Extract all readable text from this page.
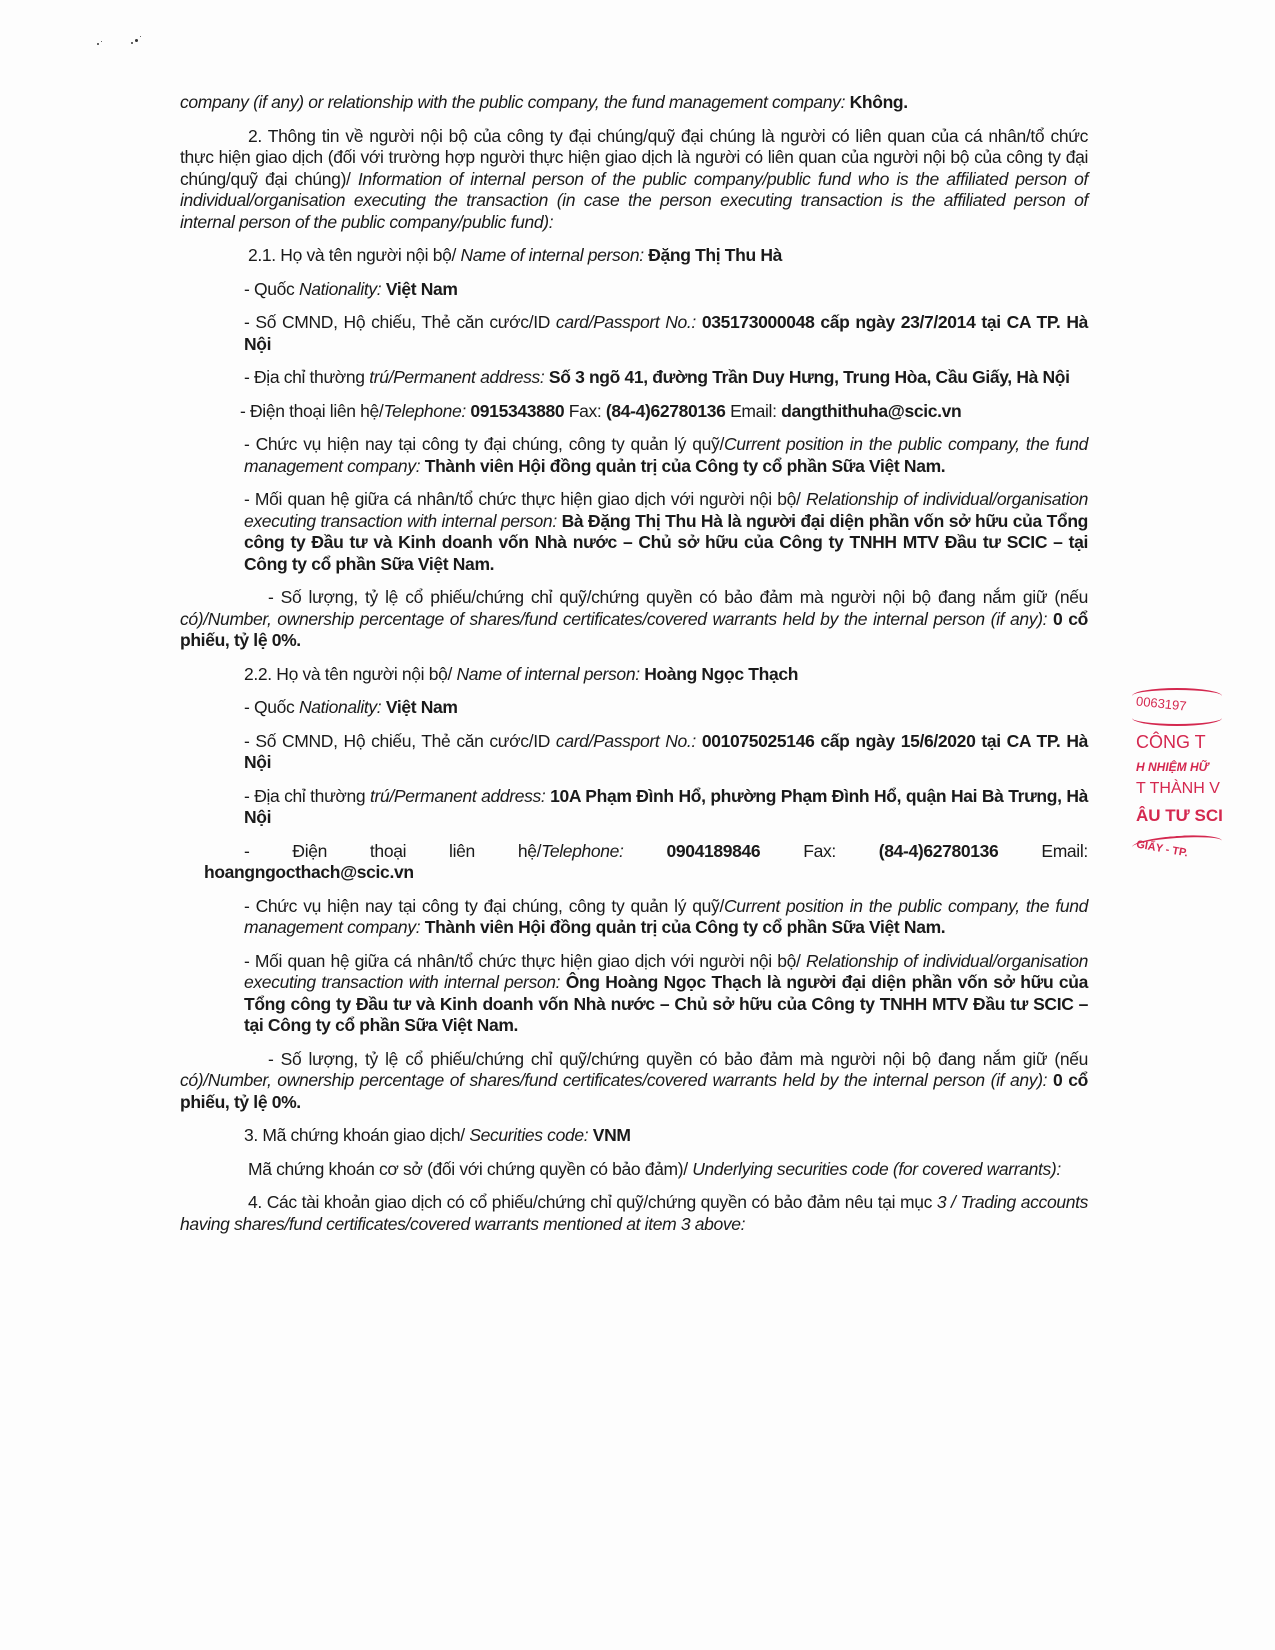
company (if any) or relationship with the public company, the fund management company: Không.

2. Thông tin về người nội bộ của công ty đại chúng/quỹ đại chúng là người có liên quan của cá nhân/tổ chức thực hiện giao dịch (đối với trường hợp người thực hiện giao dịch là người có liên quan của người nội bộ của công ty đại chúng/quỹ đại chúng)/ Information of internal person of the public company/public fund who is the affiliated person of individual/organisation executing the transaction (in case the person executing transaction is the affiliated person of internal person of the public company/public fund):

2.1. Họ và tên người nội bộ/ Name of internal person: Đặng Thị Thu Hà

- Quốc Nationality: Việt Nam

- Số CMND, Hộ chiếu, Thẻ căn cước/ID card/Passport No.: 035173000048 cấp ngày 23/7/2014 tại CA TP. Hà Nội

- Địa chỉ thường trú/Permanent address: Số 3 ngõ 41, đường Trần Duy Hưng, Trung Hòa, Cầu Giấy, Hà Nội

- Điện thoại liên hệ/Telephone: 0915343880 Fax: (84-4)62780136 Email: dangthithuha@scic.vn

- Chức vụ hiện nay tại công ty đại chúng, công ty quản lý quỹ/Current position in the public company, the fund management company: Thành viên Hội đồng quản trị của Công ty cổ phần Sữa Việt Nam.

- Mối quan hệ giữa cá nhân/tổ chức thực hiện giao dịch với người nội bộ/ Relationship of individual/organisation executing transaction with internal person: Bà Đặng Thị Thu Hà là người đại diện phần vốn sở hữu của Tổng công ty Đầu tư và Kinh doanh vốn Nhà nước – Chủ sở hữu của Công ty TNHH MTV Đầu tư SCIC – tại Công ty cổ phần Sữa Việt Nam.

- Số lượng, tỷ lệ cổ phiếu/chứng chỉ quỹ/chứng quyền có bảo đảm mà người nội bộ đang nắm giữ (nếu có)/Number, ownership percentage of shares/fund certificates/covered warrants held by the internal person (if any): 0 cổ phiếu, tỷ lệ 0%.

2.2. Họ và tên người nội bộ/ Name of internal person: Hoàng Ngọc Thạch

- Quốc Nationality: Việt Nam

- Số CMND, Hộ chiếu, Thẻ căn cước/ID card/Passport No.: 001075025146 cấp ngày 15/6/2020 tại CA TP. Hà Nội

- Địa chỉ thường trú/Permanent address: 10A Phạm Đình Hổ, phường Phạm Đình Hổ, quận Hai Bà Trưng, Hà Nội

- Điện thoại liên hệ/Telephone: 0904189846 Fax: (84-4)62780136 Email:
hoangngocthach@scic.vn

- Chức vụ hiện nay tại công ty đại chúng, công ty quản lý quỹ/Current position in the public company, the fund management company: Thành viên Hội đồng quản trị của Công ty cổ phần Sữa Việt Nam.

- Mối quan hệ giữa cá nhân/tổ chức thực hiện giao dịch với người nội bộ/ Relationship of individual/organisation executing transaction with internal person: Ông Hoàng Ngọc Thạch là người đại diện phần vốn sở hữu của Tổng công ty Đầu tư và Kinh doanh vốn Nhà nước – Chủ sở hữu của Công ty TNHH MTV Đầu tư SCIC – tại Công ty cổ phần Sữa Việt Nam.

- Số lượng, tỷ lệ cổ phiếu/chứng chỉ quỹ/chứng quyền có bảo đảm mà người nội bộ đang nắm giữ (nếu có)/Number, ownership percentage of shares/fund certificates/covered warrants held by the internal person (if any): 0 cổ phiếu, tỷ lệ 0%.

3. Mã chứng khoán giao dịch/ Securities code: VNM

Mã chứng khoán cơ sở (đối với chứng quyền có bảo đảm)/ Underlying securities code (for covered warrants):

4. Các tài khoản giao dịch có cổ phiếu/chứng chỉ quỹ/chứng quyền có bảo đảm nêu tại mục 3 / Trading accounts having shares/fund certificates/covered warrants mentioned at item 3 above:

0063197
CÔNG T
H NHIỆM HỮ
T THÀNH V
ÂU TƯ SCI
GIẤY - TP.
